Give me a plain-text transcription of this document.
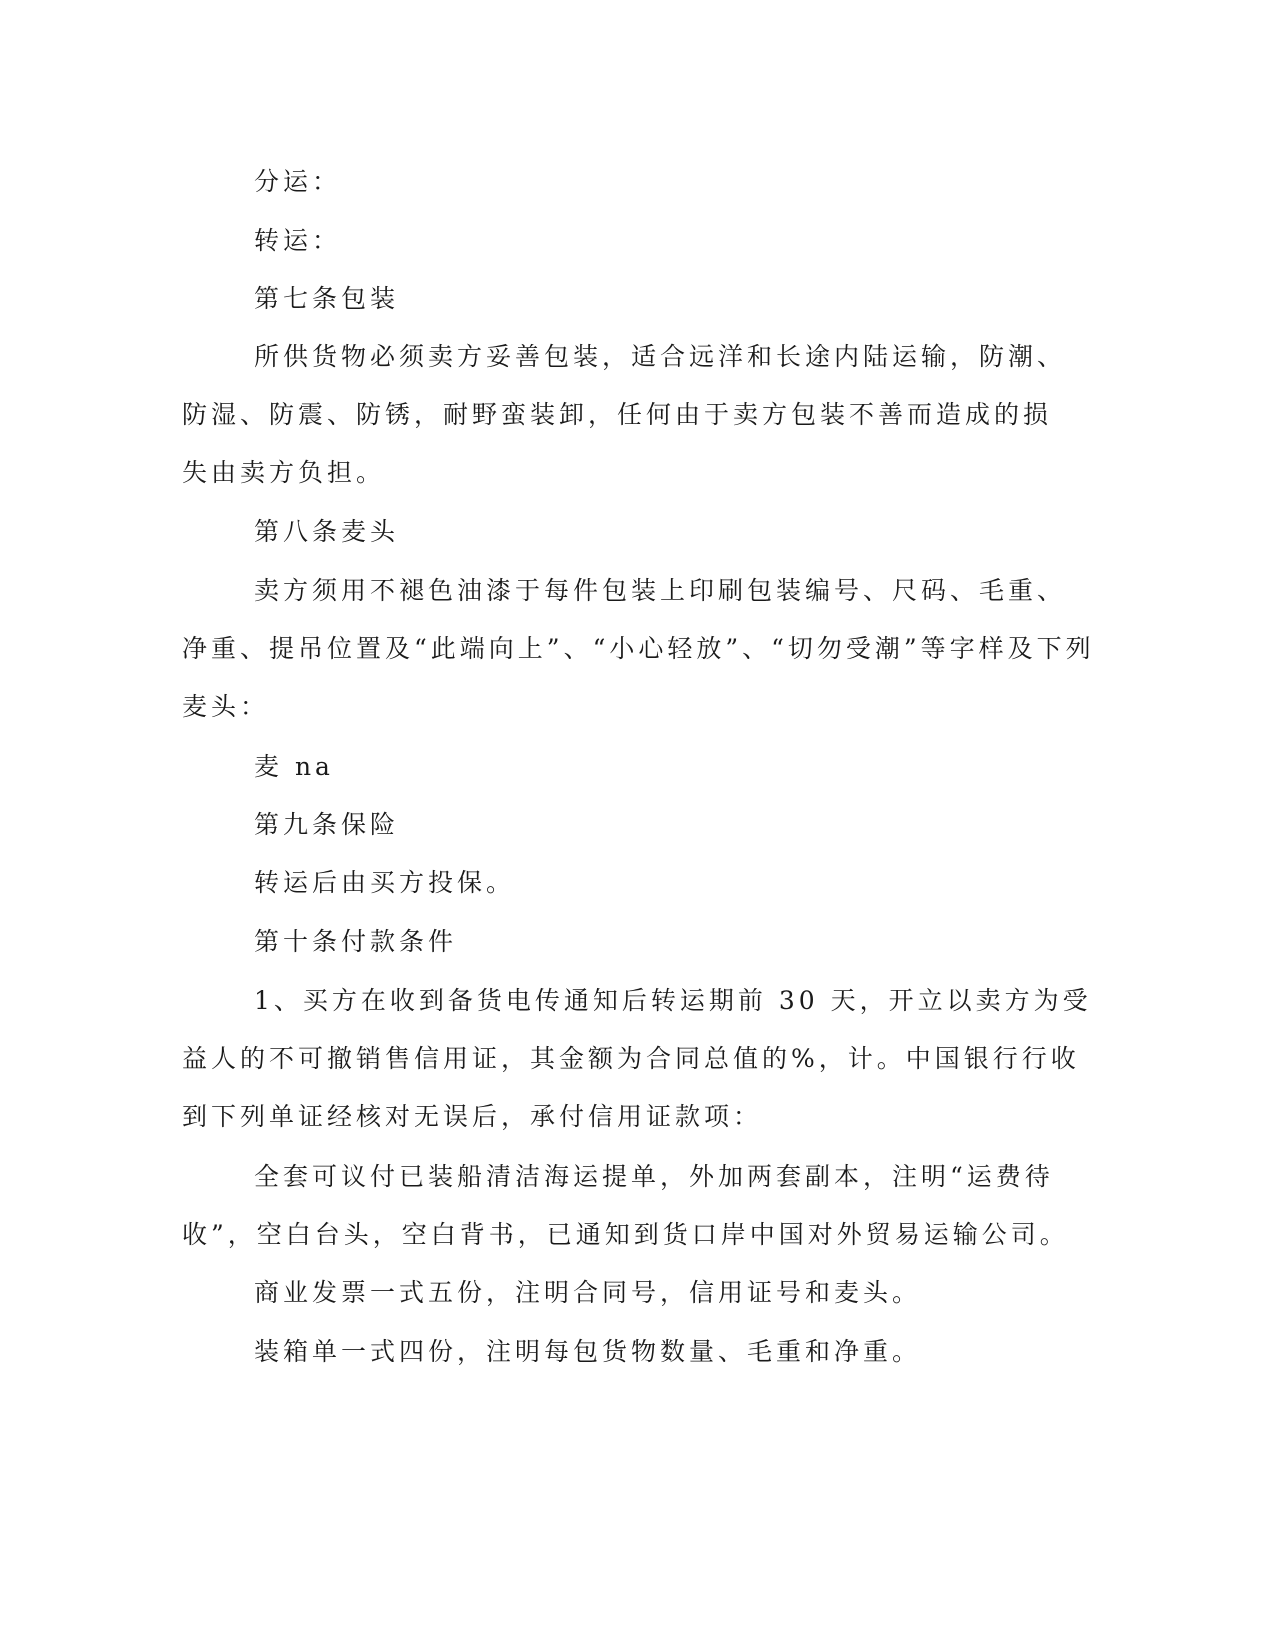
分运：
转运：
第七条包装
所供货物必须卖方妥善包装，适合远洋和长途内陆运输，防潮、
防湿、防震、防锈，耐野蛮装卸，任何由于卖方包装不善而造成的损
失由卖方负担。
第八条麦头
卖方须用不褪色油漆于每件包装上印刷包装编号、尺码、毛重、
净重、提吊位置及“此端向上”、“小心轻放”、“切勿受潮”等字样及下列
麦头：
麦 na
第九条保险
转运后由买方投保。
第十条付款条件
1、买方在收到备货电传通知后转运期前 30 天，开立以卖方为受
益人的不可撤销售信用证，其金额为合同总值的%，计。中国银行行收
到下列单证经核对无误后，承付信用证款项：
全套可议付已装船清洁海运提单，外加两套副本，注明“运费待
收”，空白台头，空白背书，已通知到货口岸中国对外贸易运输公司。
商业发票一式五份，注明合同号，信用证号和麦头。
装箱单一式四份，注明每包货物数量、毛重和净重。
